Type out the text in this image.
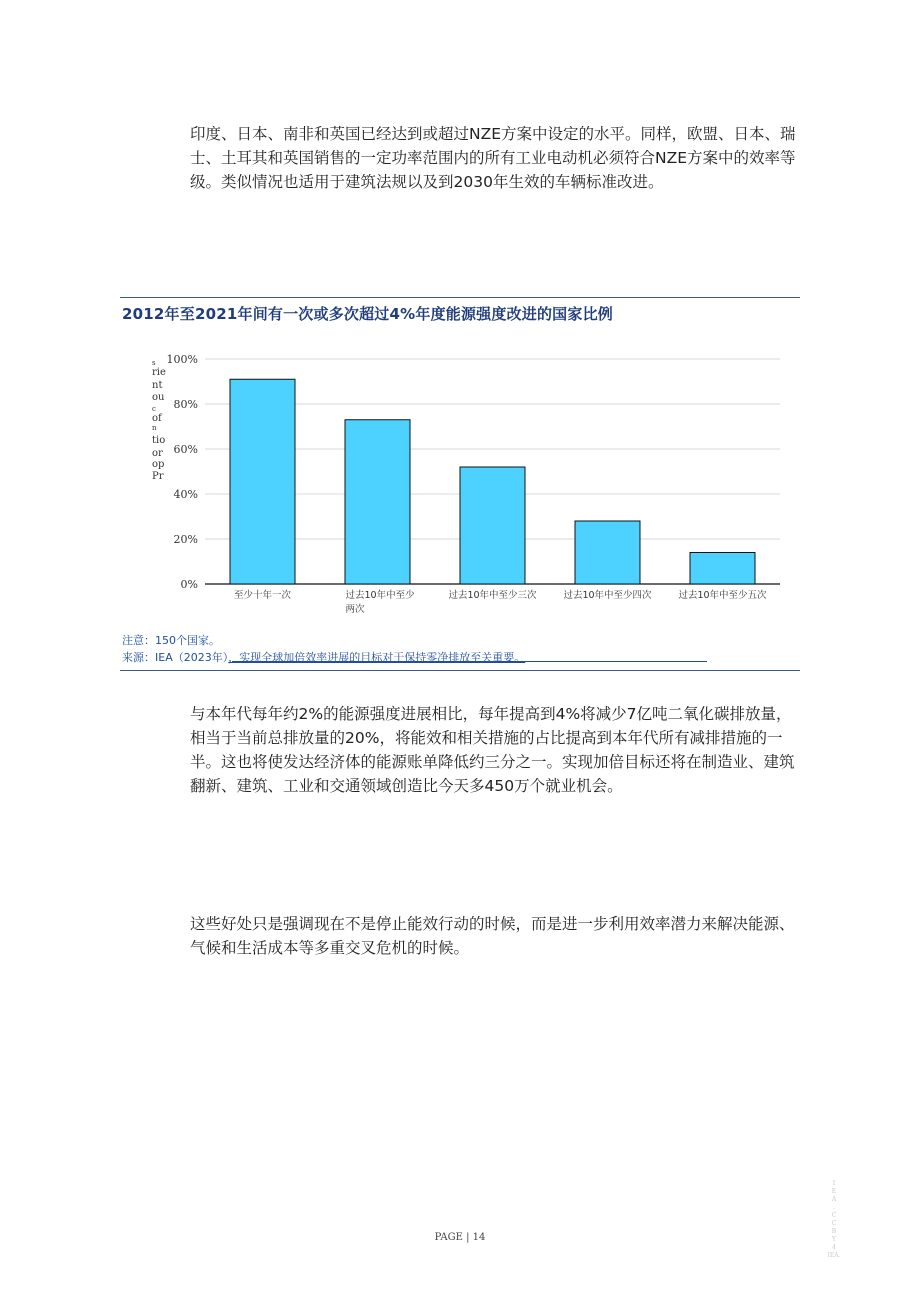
印度、日本、南非和英国已经达到或超过NZE方案中设定的水平。同样，欧盟、日本、瑞士、土耳其和英国销售的一定功率范围内的所有工业电动机必须符合NZE方案中的效率等级。类似情况也适用于建筑法规以及到2030年生效的车辆标准改进。

2012年至2021年间有一次或多次超过4%年度能源强度改进的国家比例
s
rie
nt
ou
c
of
n
tio
or
op
Pr
0%
20%
40%
60%
80%
100%
至少十年一次	过去10年中至少
两次
过去10年中至少三次	过去10年中至少四次	过去10年中至少五次
注意：150个国家。
来源：IEA（2023年），实现全球加倍效率进展的目标对于保持零净排放至关重要。

与本年代每年约2%的能源强度进展相比，每年提高到4%将减少7亿吨二氧化碳排放量，相当于当前总排放量的20%，将能效和相关措施的占比提高到本年代所有减排措施的一半。这也将使发达经济体的能源账单降低约三分之一。实现加倍目标还将在制造业、建筑翻新、建筑、工业和交通领域创造比今天多450万个就业机会。

这些好处只是强调现在不是停止能效行动的时候，而是进一步利用效率潜力来解决能源、气候和生活成本等多重交叉危机的时候。

I
E
A
.
C
C
B
Y
4
IEA.
PAGE | 14
